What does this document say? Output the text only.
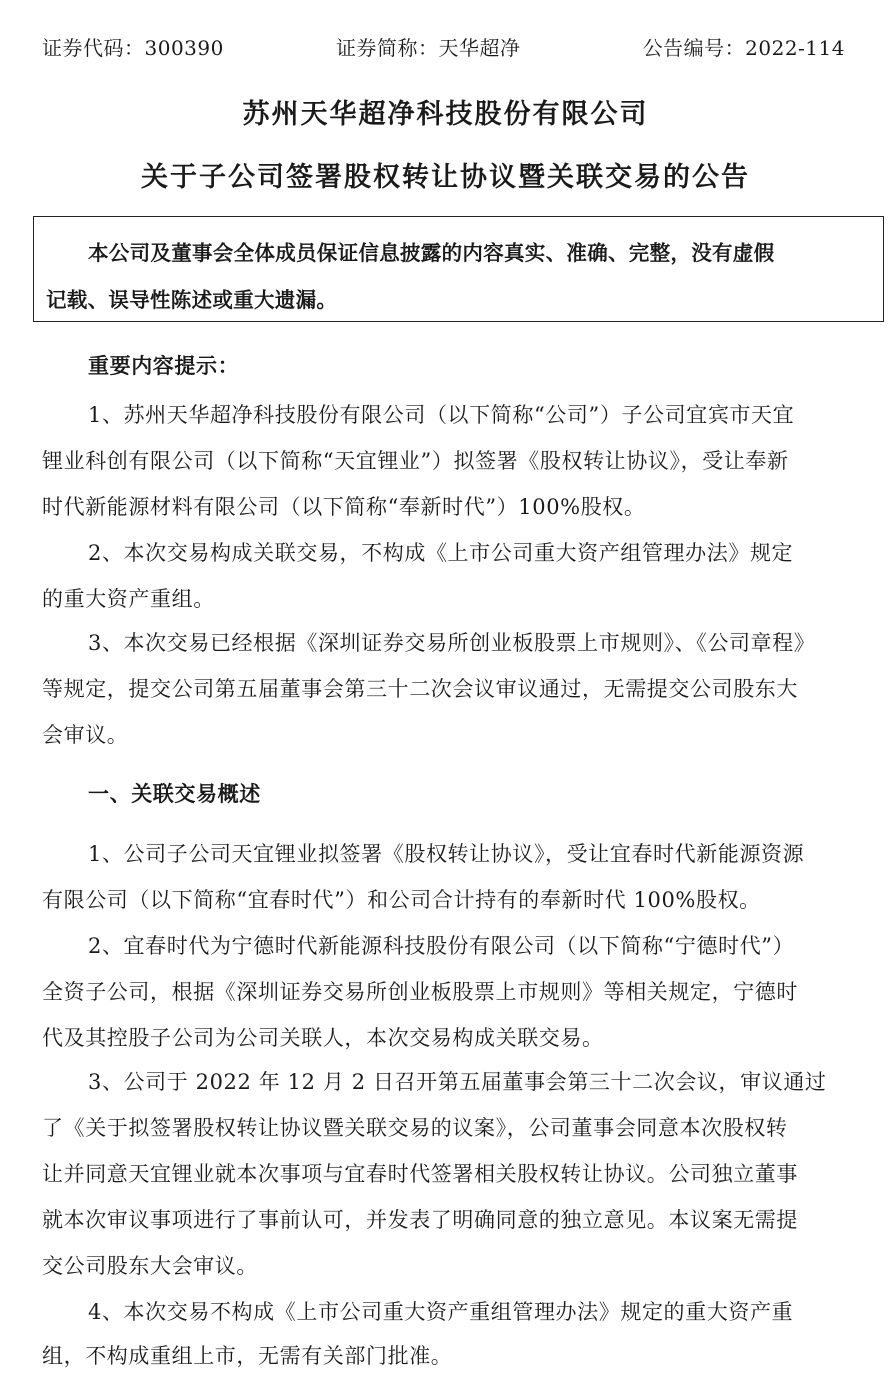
证券代码：300390	证券简称：天华超净	公告编号：2022-114
苏州天华超净科技股份有限公司
关于子公司签署股权转让协议暨关联交易的公告
本公司及董事会全体成员保证信息披露的内容真实、准确、完整，没有虚假
记载、误导性陈述或重大遗漏。
重要内容提示：
1、苏州天华超净科技股份有限公司（以下简称“公司”）子公司宜宾市天宜
锂业科创有限公司（以下简称“天宜锂业”）拟签署《股权转让协议》，受让奉新
时代新能源材料有限公司（以下简称“奉新时代”）100%股权。
2、本次交易构成关联交易，不构成《上市公司重大资产组管理办法》规定
的重大资产重组。
3、本次交易已经根据《深圳证券交易所创业板股票上市规则》、《公司章程》
等规定，提交公司第五届董事会第三十二次会议审议通过，无需提交公司股东大
会审议。
一、关联交易概述
1、公司子公司天宜锂业拟签署《股权转让协议》，受让宜春时代新能源资源
有限公司（以下简称“宜春时代”）和公司合计持有的奉新时代 100%股权。
2、宜春时代为宁德时代新能源科技股份有限公司（以下简称“宁德时代”）
全资子公司，根据《深圳证券交易所创业板股票上市规则》等相关规定，宁德时
代及其控股子公司为公司关联人，本次交易构成关联交易。
3、公司于 2022 年 12 月 2 日召开第五届董事会第三十二次会议，审议通过
了《关于拟签署股权转让协议暨关联交易的议案》，公司董事会同意本次股权转
让并同意天宜锂业就本次事项与宜春时代签署相关股权转让协议。公司独立董事
就本次审议事项进行了事前认可，并发表了明确同意的独立意见。本议案无需提
交公司股东大会审议。
4、本次交易不构成《上市公司重大资产重组管理办法》规定的重大资产重
组，不构成重组上市，无需有关部门批准。
